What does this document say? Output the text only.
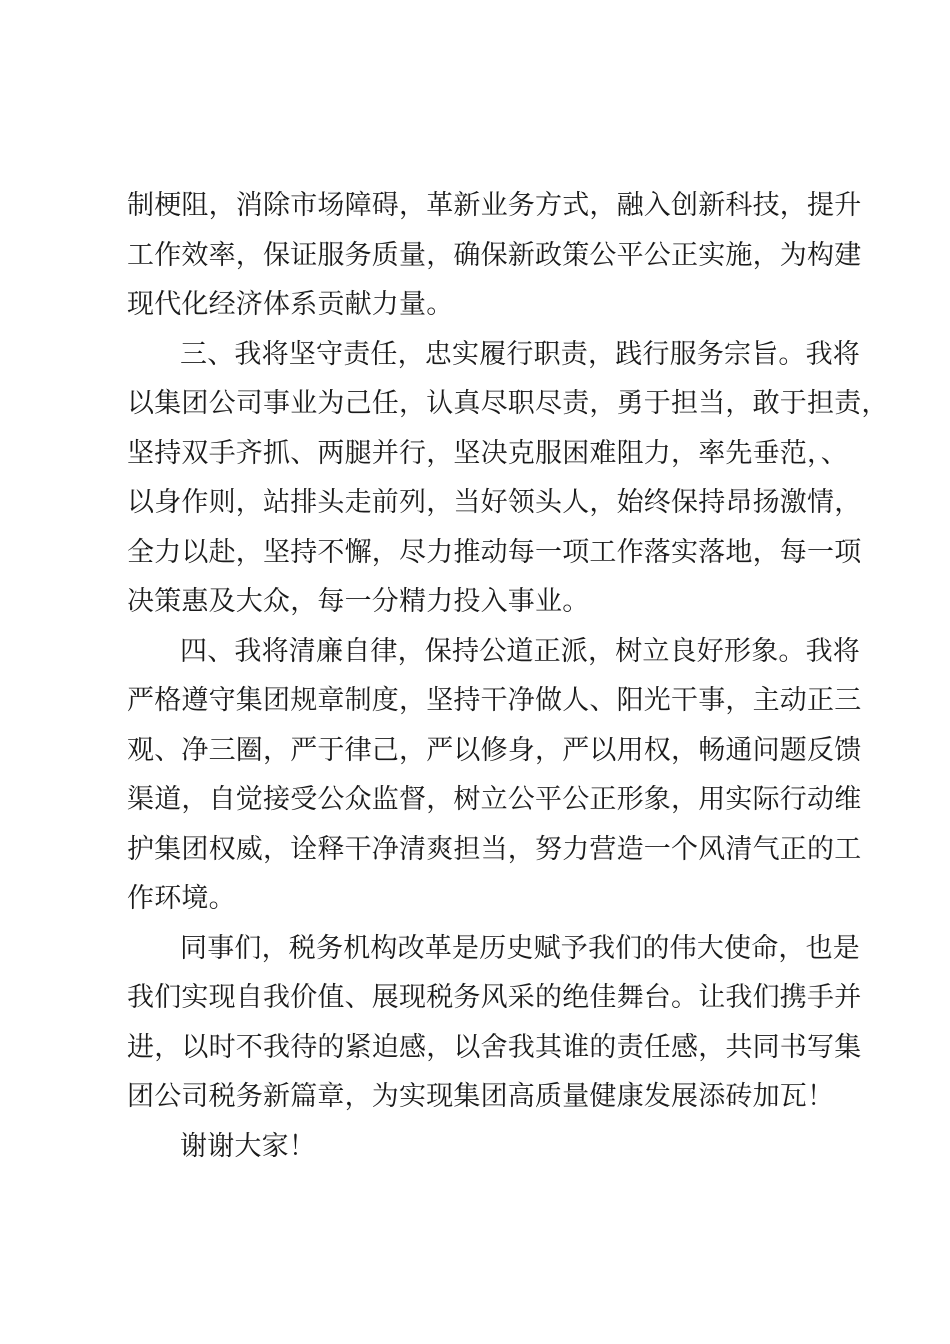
制梗阻，消除市场障碍，革新业务方式，融入创新科技，提升
工作效率，保证服务质量，确保新政策公平公正实施，为构建
现代化经济体系贡献力量。
三、我将坚守责任，忠实履行职责，践行服务宗旨。我将
以集团公司事业为己任，认真尽职尽责，勇于担当，敢于担责，
坚持双手齐抓、两腿并行，坚决克服困难阻力，率先垂范，、
以身作则，站排头走前列，当好领头人，始终保持昂扬激情，
全力以赴，坚持不懈，尽力推动每一项工作落实落地，每一项
决策惠及大众，每一分精力投入事业。
四、我将清廉自律，保持公道正派，树立良好形象。我将
严格遵守集团规章制度，坚持干净做人、阳光干事，主动正三
观、净三圈，严于律己，严以修身，严以用权，畅通问题反馈
渠道，自觉接受公众监督，树立公平公正形象，用实际行动维
护集团权威，诠释干净清爽担当，努力营造一个风清气正的工
作环境。
同事们，税务机构改革是历史赋予我们的伟大使命，也是
我们实现自我价值、展现税务风采的绝佳舞台。让我们携手并
进，以时不我待的紧迫感，以舍我其谁的责任感，共同书写集
团公司税务新篇章，为实现集团高质量健康发展添砖加瓦！
谢谢大家！
